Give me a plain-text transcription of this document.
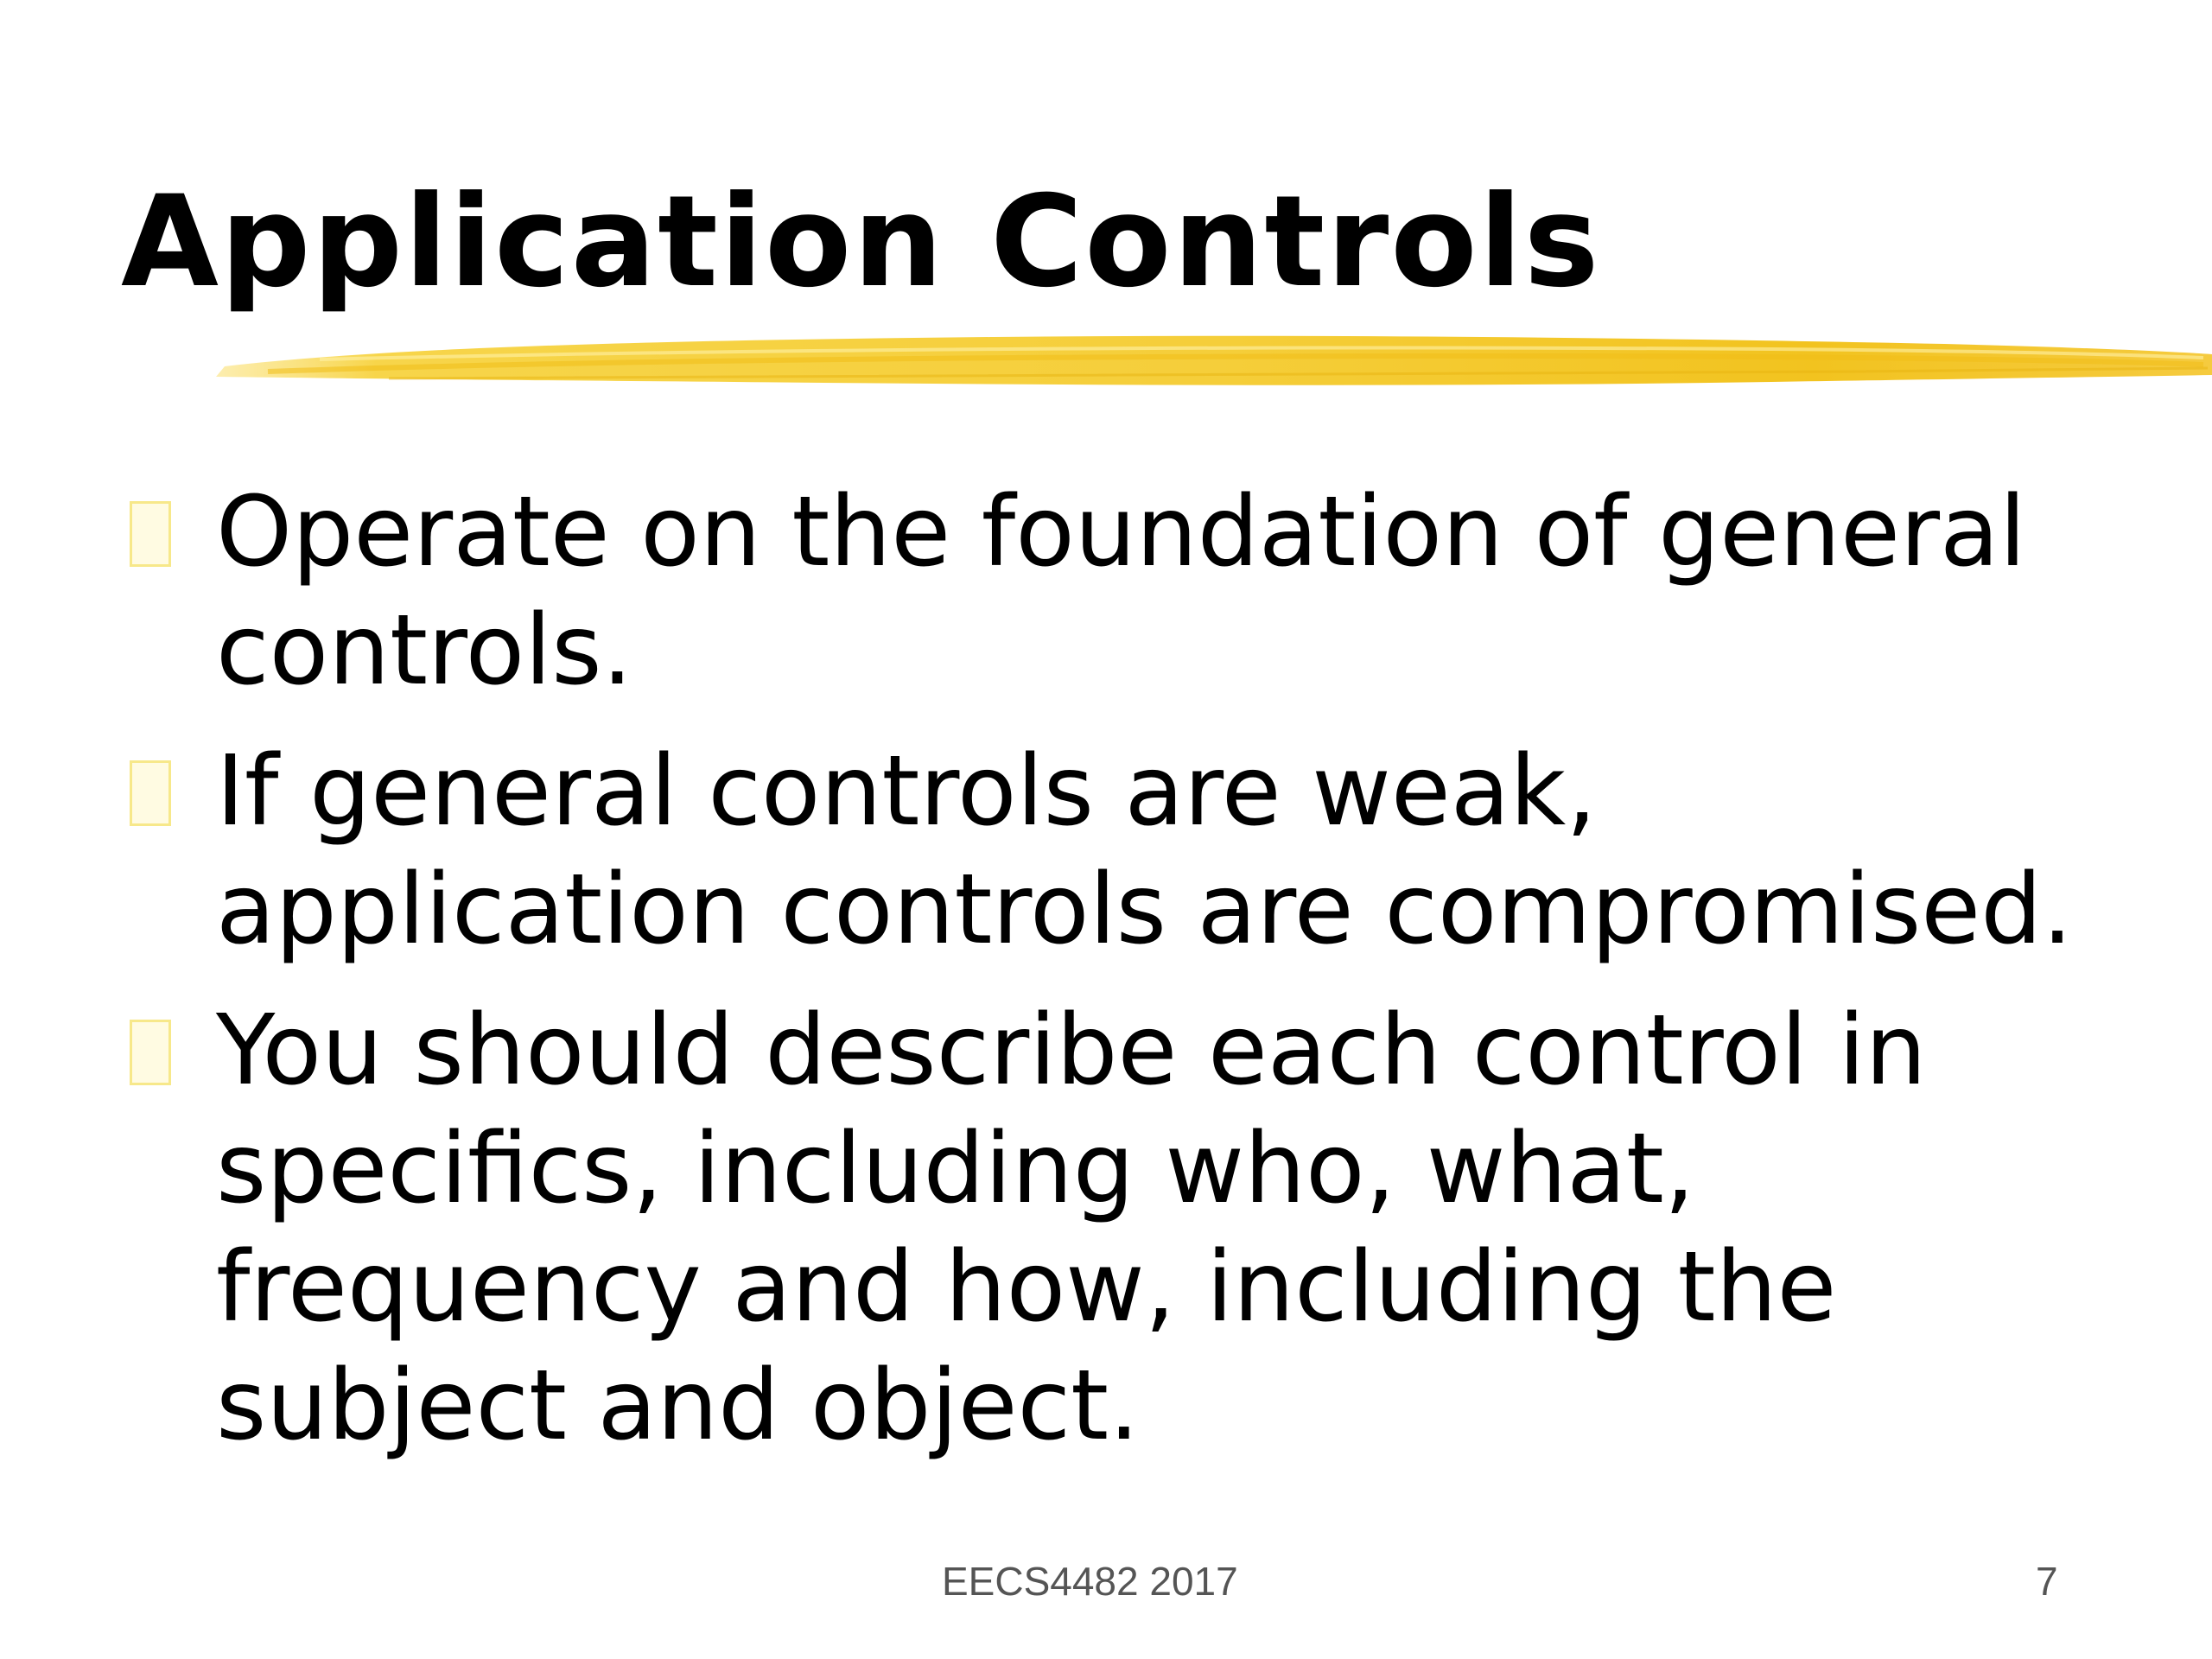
Application Controls
Operate on the foundation of general controls.
If general controls are weak, application controls are compromised.
You should describe each control in specifics, including who, what, frequency and how, including the subject and object.
EECS4482 2017	7
